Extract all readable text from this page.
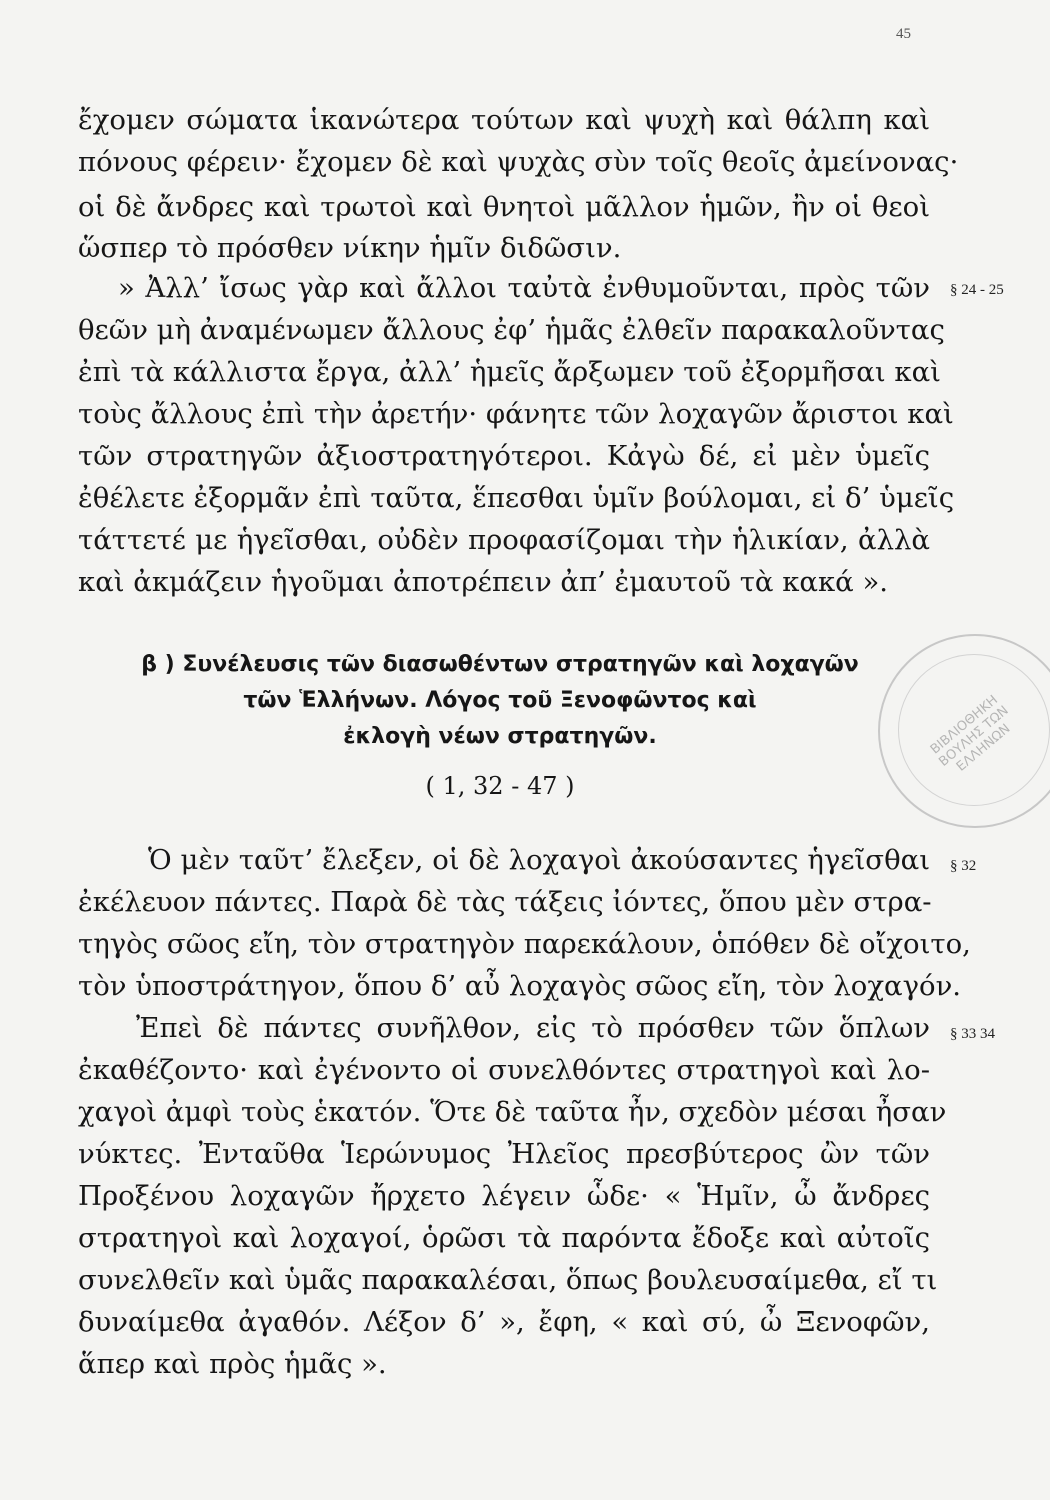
45
ἔχομεν σώματα ἱκανώτερα τούτων καὶ ψυχὴ καὶ θάλπη καὶ
πόνους φέρειν· ἔχομεν δὲ καὶ ψυχὰς σὺν τοῖς θεοῖς ἀμείνονας·
οἱ δὲ ἄνδρες καὶ τρωτοὶ καὶ θνητοὶ μᾶλλον ἡμῶν, ἢν οἱ θεοὶ
ὥσπερ τὸ πρόσθεν νίκην ἡμῖν διδῶσιν.
» Ἀλλ’ ἴσως γὰρ καὶ ἄλλοι ταὐτὰ ἐνθυμοῦνται, πρὸς τῶν
θεῶν μὴ ἀναμένωμεν ἄλλους ἐφ’ ἡμᾶς ἐλθεῖν παρακαλοῦντας
ἐπὶ τὰ κάλλιστα ἔργα, ἀλλ’ ἡμεῖς ἄρξωμεν τοῦ ἐξορμῆσαι καὶ
τοὺς ἄλλους ἐπὶ τὴν ἀρετήν· φάνητε τῶν λοχαγῶν ἄριστοι καὶ
τῶν στρατηγῶν ἀξιοστρατηγότεροι. Κἀγὼ δέ, εἰ μὲν ὑμεῖς
ἐθέλετε ἐξορμᾶν ἐπὶ ταῦτα, ἕπεσθαι ὑμῖν βούλομαι, εἰ δ’ ὑμεῖς
τάττετέ με ἡγεῖσθαι, οὐδὲν προφασίζομαι τὴν ἡλικίαν, ἀλλὰ
καὶ ἀκμάζειν ἡγοῦμαι ἀποτρέπειν ἀπ’ ἐμαυτοῦ τὰ κακά ».
§ 24 - 25
β ) Συνέλευσις τῶν διασωθέντων στρατηγῶν καὶ λοχαγῶν
τῶν Ἑλλήνων. Λόγος τοῦ Ξενοφῶντος καὶ
ἐκλογὴ νέων στρατηγῶν.
( 1, 32 - 47 )
ΒΙΒΛΙΟΘΗΚΗ ΒΟΥΛΗΣ ΤΩΝ ΕΛΛΗΝΩΝ
Ὁ μὲν ταῦτ’ ἔλεξεν, οἱ δὲ λοχαγοὶ ἀκούσαντες ἡγεῖσθαι
ἐκέλευον πάντες. Παρὰ δὲ τὰς τάξεις ἰόντες, ὅπου μὲν στρα-
τηγὸς σῶος εἴη, τὸν στρατηγὸν παρεκάλουν, ὁπόθεν δὲ οἴχοιτο,
τὸν ὑποστράτηγον, ὅπου δ’ αὖ λοχαγὸς σῶος εἴη, τὸν λοχαγόν.
Ἐπεὶ δὲ πάντες συνῆλθον, εἰς τὸ πρόσθεν τῶν ὅπλων
ἐκαθέζοντο· καὶ ἐγένοντο οἱ συνελθόντες στρατηγοὶ καὶ λο-
χαγοὶ ἀμφὶ τοὺς ἑκατόν. Ὅτε δὲ ταῦτα ἦν, σχεδὸν μέσαι ἦσαν
νύκτες. Ἐνταῦθα Ἱερώνυμος Ἠλεῖος πρεσβύτερος ὢν τῶν
Προξένου λοχαγῶν ἤρχετο λέγειν ὧδε· « Ἡμῖν, ὦ ἄνδρες
στρατηγοὶ καὶ λοχαγοί, ὁρῶσι τὰ παρόντα ἔδοξε καὶ αὐτοῖς
συνελθεῖν καὶ ὑμᾶς παρακαλέσαι, ὅπως βουλευσαίμεθα, εἴ τι
δυναίμεθα ἀγαθόν. Λέξον δ’ », ἔφη, « καὶ σύ, ὦ Ξενοφῶν,
ἅπερ καὶ πρὸς ἡμᾶς ».
§ 32
§ 33 34
